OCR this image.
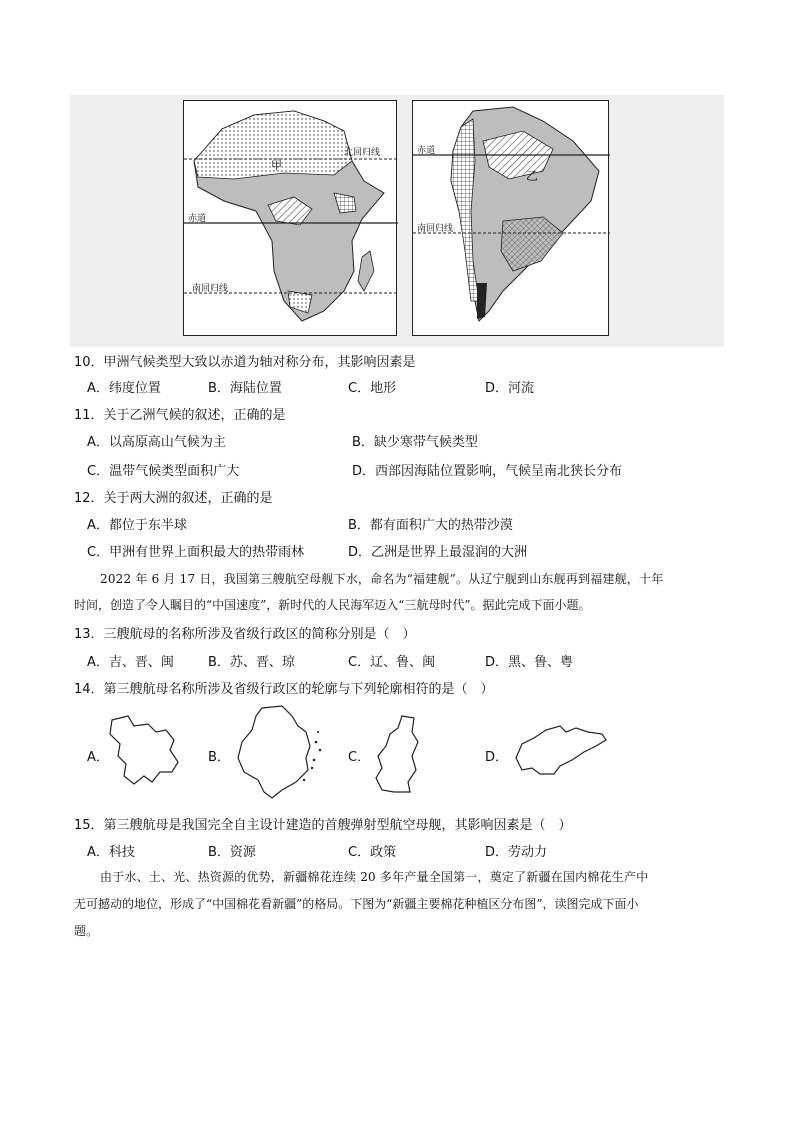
甲
北回归线
赤道
南回归线
乙
赤道
南回归线
10．甲洲气候类型大致以赤道为轴对称分布，其影响因素是
A．纬度位置	B．海陆位置	C．地形	D．河流
11．关于乙洲气候的叙述，正确的是
A．以高原高山气候为主	B．缺少寒带气候类型
C．温带气候类型面积广大	D．西部因海陆位置影响，气候呈南北狭长分布
12．关于两大洲的叙述，正确的是
A．都位于东半球	B．都有面积广大的热带沙漠
C．甲洲有世界上面积最大的热带雨林	D．乙洲是世界上最湿润的大洲
2022 年 6 月 17 日，我国第三艘航空母舰下水，命名为“福建舰”。从辽宁舰到山东舰再到福建舰，十年
时间，创造了令人瞩目的“中国速度”，新时代的人民海军迈入“三航母时代”。据此完成下面小题。
13．三艘航母的名称所涉及省级行政区的简称分别是（　）
A．吉、晋、闽	B．苏、晋、琼	C．辽、鲁、闽	D．黑、鲁、粤
14．第三艘航母名称所涉及省级行政区的轮廓与下列轮廓相符的是（　）
A．	B．	C．	D．
15．第三艘航母是我国完全自主设计建造的首艘弹射型航空母舰，其影响因素是（　）
A．科技	B．资源	C．政策	D．劳动力
由于水、土、光、热资源的优势，新疆棉花连续 20 多年产量全国第一，奠定了新疆在国内棉花生产中
无可撼动的地位，形成了“中国棉花看新疆”的格局。下图为“新疆主要棉花种植区分布图”，读图完成下面小
题。
